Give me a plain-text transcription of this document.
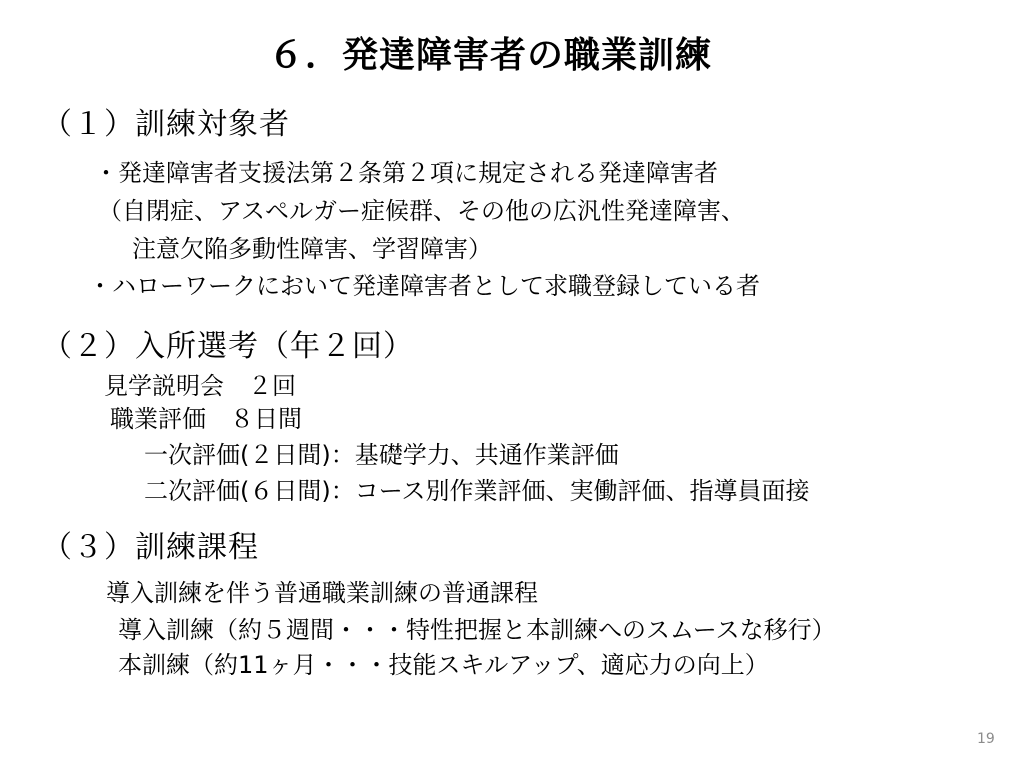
６．発達障害者の職業訓練
（１）訓練対象者
・発達障害者支援法第２条第２項に規定される発達障害者
（自閉症、アスペルガー症候群、その他の広汎性発達障害、
注意欠陥多動性障害、学習障害）
・ハローワークにおいて発達障害者として求職登録している者
（２）入所選考（年２回）
見学説明会　２回
職業評価　８日間
一次評価(２日間)：基礎学力、共通作業評価
二次評価(６日間)：コース別作業評価、実働評価、指導員面接
（３）訓練課程
導入訓練を伴う普通職業訓練の普通課程
導入訓練（約５週間・・・特性把握と本訓練へのスムースな移行）
本訓練（約11ヶ月・・・技能スキルアップ、適応力の向上）
19
